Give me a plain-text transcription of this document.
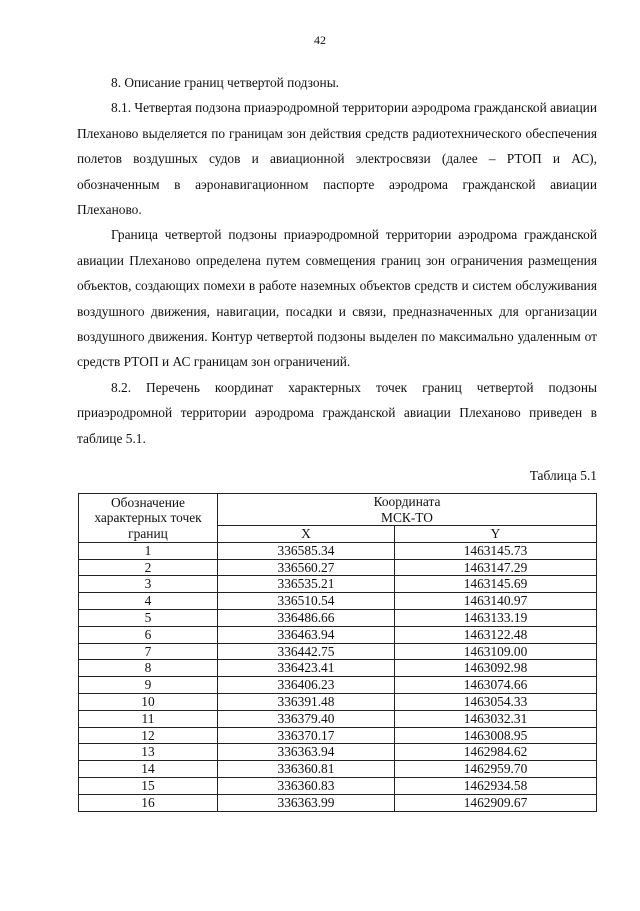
42

8. Описание границ четвертой подзоны.

8.1. Четвертая подзона приаэродромной территории аэродрома гражданской авиации Плеханово выделяется по границам зон действия средств радиотехнического обеспечения полетов воздушных судов и авиационной электросвязи (далее – РТОП и АС), обозначенным в аэронавигационном паспорте аэродрома гражданской авиации Плеханово.

Граница четвертой подзоны приаэродромной территории аэродрома гражданской авиации Плеханово определена путем совмещения границ зон ограничения размещения объектов, создающих помехи в работе наземных объектов средств и систем обслуживания воздушного движения, навигации, посадки и связи, предназначенных для организации воздушного движения. Контур четвертой подзоны выделен по максимально удаленным от средств РТОП и АС границам зон ограничений.

8.2. Перечень координат характерных точек границ четвертой подзоны приаэродромной территории аэродрома гражданской авиации Плеханово приведен в таблице 5.1.

Таблица 5.1
Обозначение характерных точек границ	Координата
МСК-ТО	
	X	Y
1	336585.34	1463145.73
2	336560.27	1463147.29
3	336535.21	1463145.69
4	336510.54	1463140.97
5	336486.66	1463133.19
6	336463.94	1463122.48
7	336442.75	1463109.00
8	336423.41	1463092.98
9	336406.23	1463074.66
10	336391.48	1463054.33
11	336379.40	1463032.31
12	336370.17	1463008.95
13	336363.94	1462984.62
14	336360.81	1462959.70
15	336360.83	1462934.58
16	336363.99	1462909.67
